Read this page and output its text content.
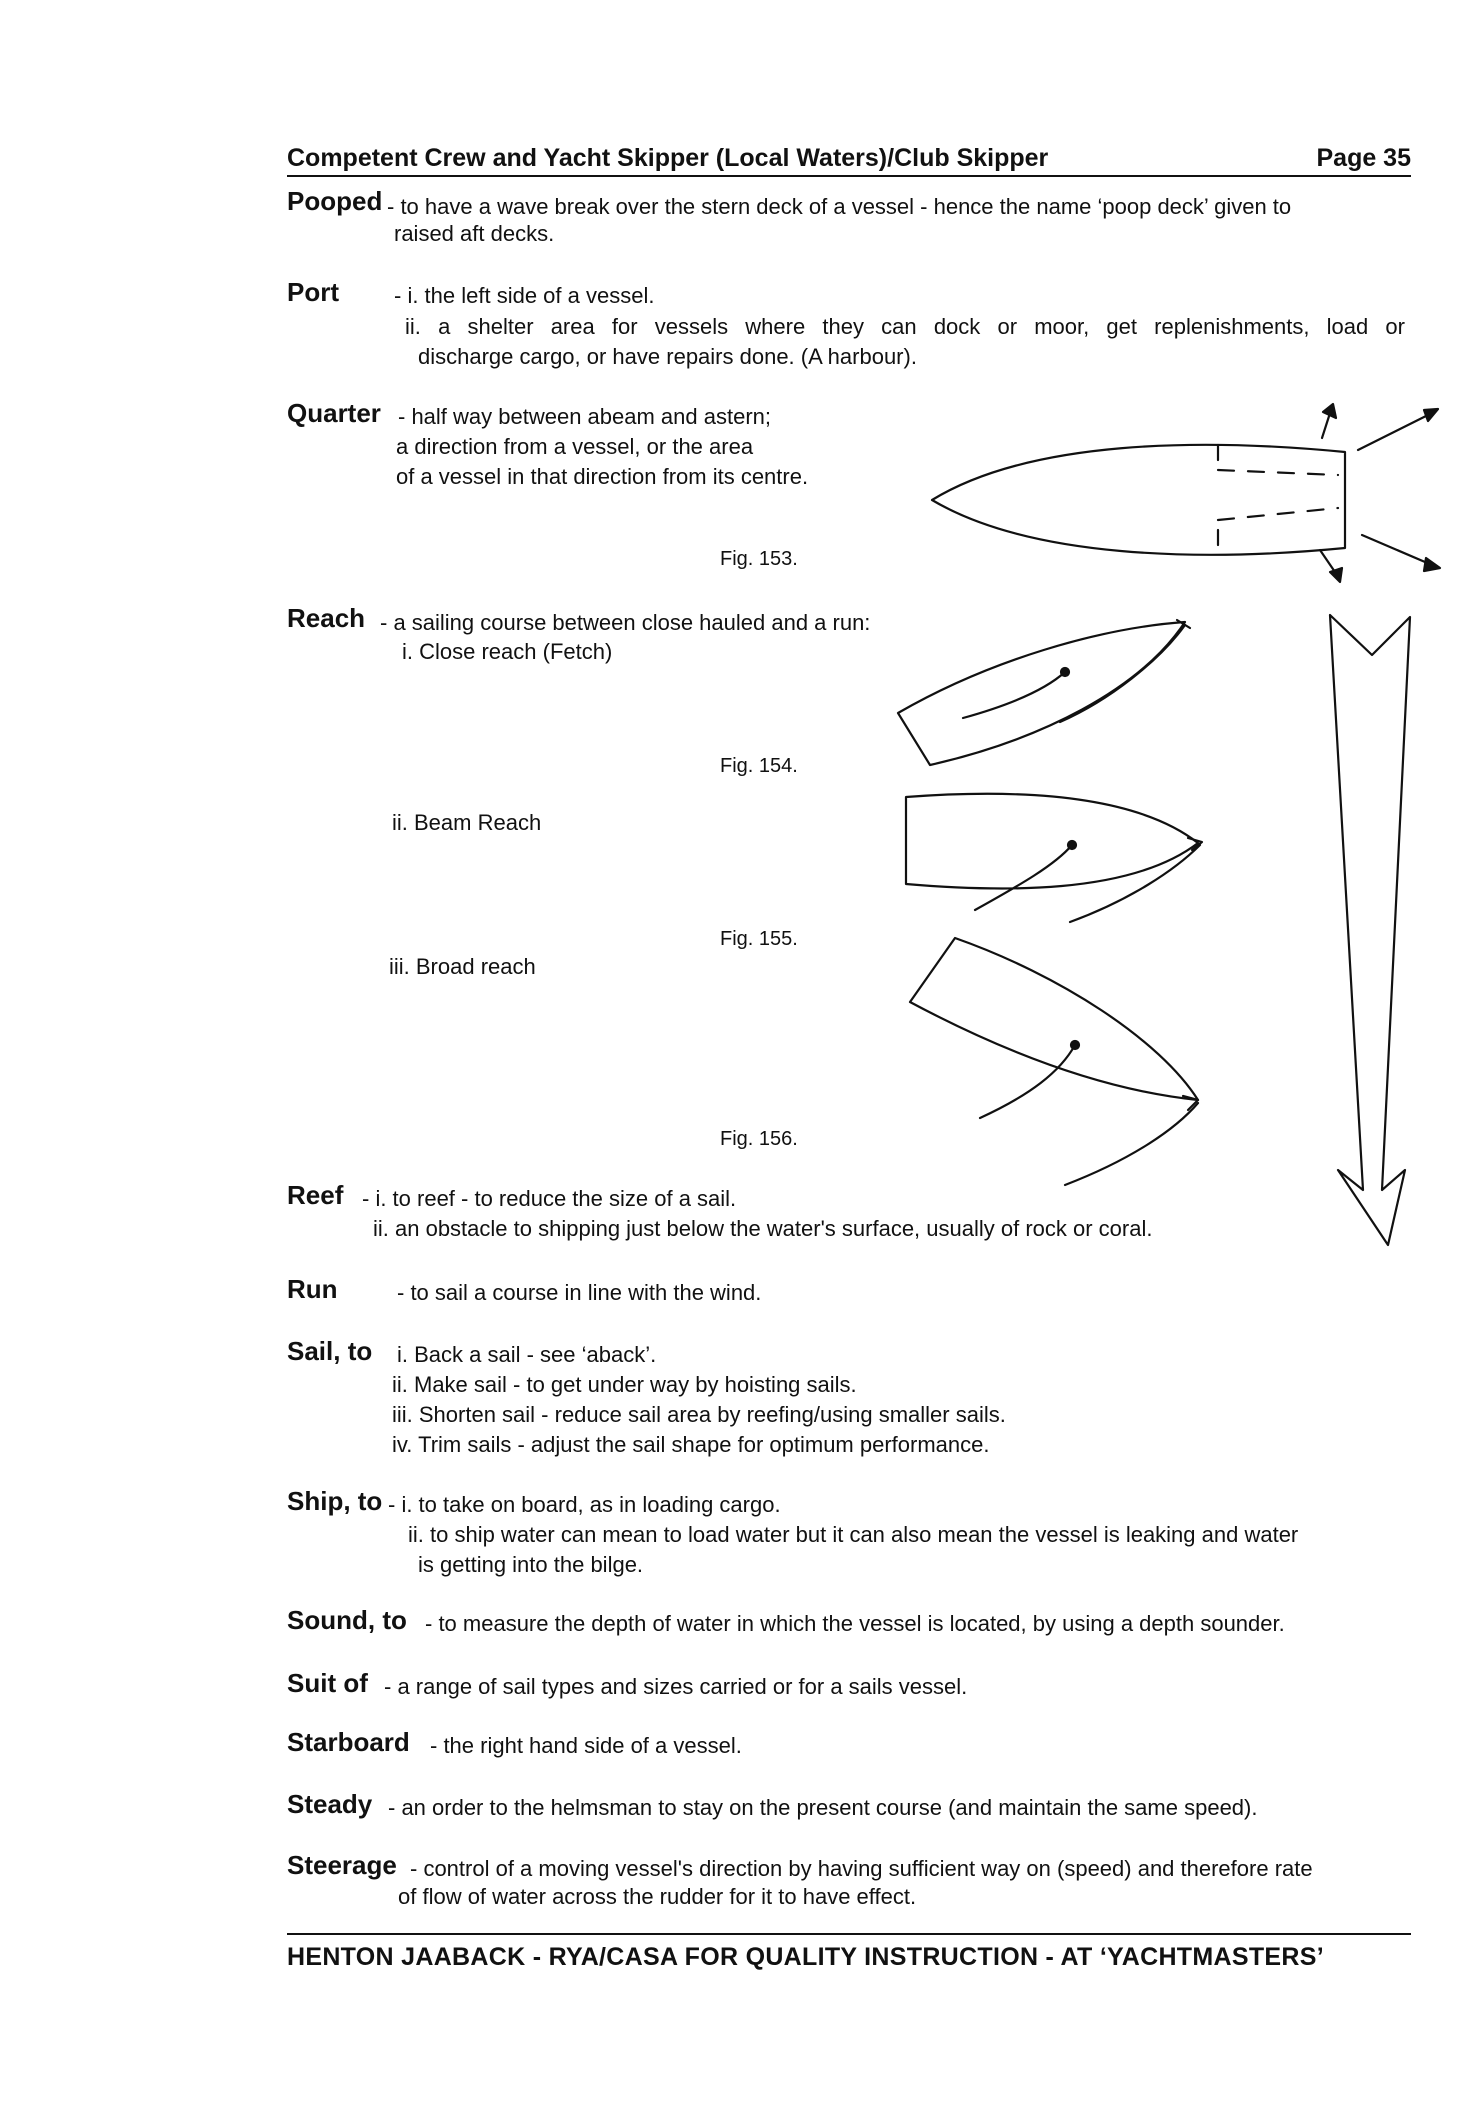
Competent Crew and Yacht Skipper (Local Waters)/Club Skipper	Page 35
Pooped - to have a wave break over the stern deck of a vessel - hence the name ‘poop deck’ given to
raised aft decks.
Port	- i. the left side of a vessel.
ii. a shelter area for vessels where they can dock or moor, get replenishments, load or
discharge cargo, or have repairs done. (A harbour).
Quarter - half way between abeam and astern;
a direction from a vessel, or the area
of a vessel in that direction from its centre.
Fig. 153.
Reach - a sailing course between close hauled and a run:
i. Close reach (Fetch)
Fig. 154.
ii. Beam Reach
Fig. 155.
iii. Broad reach
Fig. 156.
Reef - i. to reef - to reduce the size of a sail.
ii. an obstacle to shipping just below the water's surface, usually of rock or coral.
Run	- to sail a course in line with the wind.
Sail, to i. Back a sail - see ‘aback’.
ii. Make sail - to get under way by hoisting sails.
iii. Shorten sail - reduce sail area by reefing/using smaller sails.
iv. Trim sails - adjust the sail shape for optimum performance.
Ship, to - i. to take on board, as in loading cargo.
ii. to ship water can mean to load water but it can also mean the vessel is leaking and water
is getting into the bilge.
Sound, to - to measure the depth of water in which the vessel is located, by using a depth sounder.
Suit of - a range of sail types and sizes carried or for a sails vessel.
Starboard - the right hand side of a vessel.
Steady - an order to the helmsman to stay on the present course (and maintain the same speed).
Steerage - control of a moving vessel's direction by having sufficient way on (speed) and therefore rate
of flow of water across the rudder for it to have effect.
HENTON JAABACK - RYA/CASA FOR QUALITY INSTRUCTION - AT ‘YACHTMASTERS’
